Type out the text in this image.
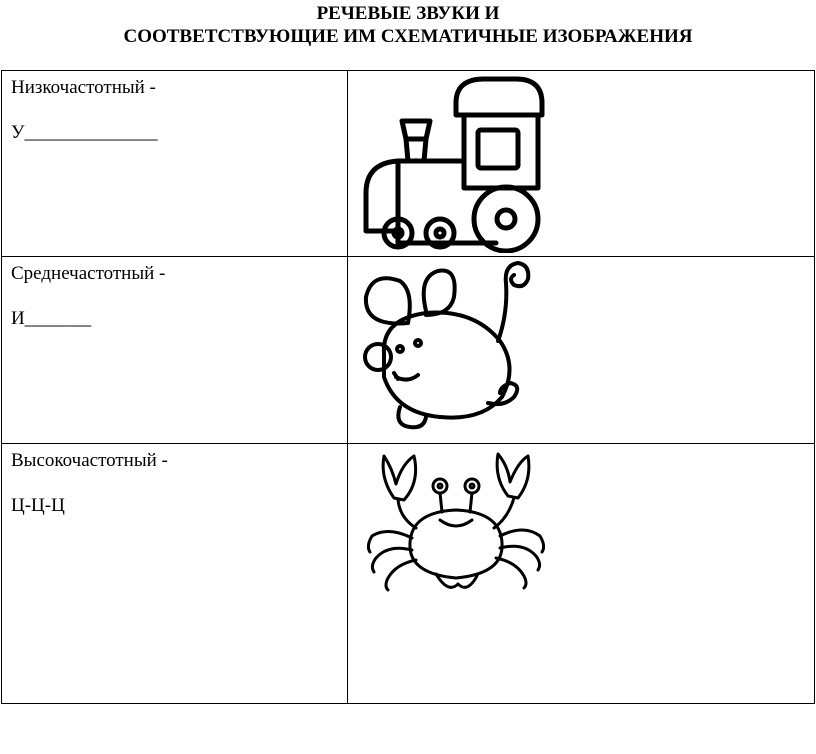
РЕЧЕВЫЕ ЗВУКИ И
СООТВЕТСТВУЮЩИЕ ИМ СХЕМАТИЧНЫЕ ИЗОБРАЖЕНИЯ
Низкочастотный -
У______________

Среднечастотный -
И_______

Высокочастотный -
Ц-Ц-Ц
